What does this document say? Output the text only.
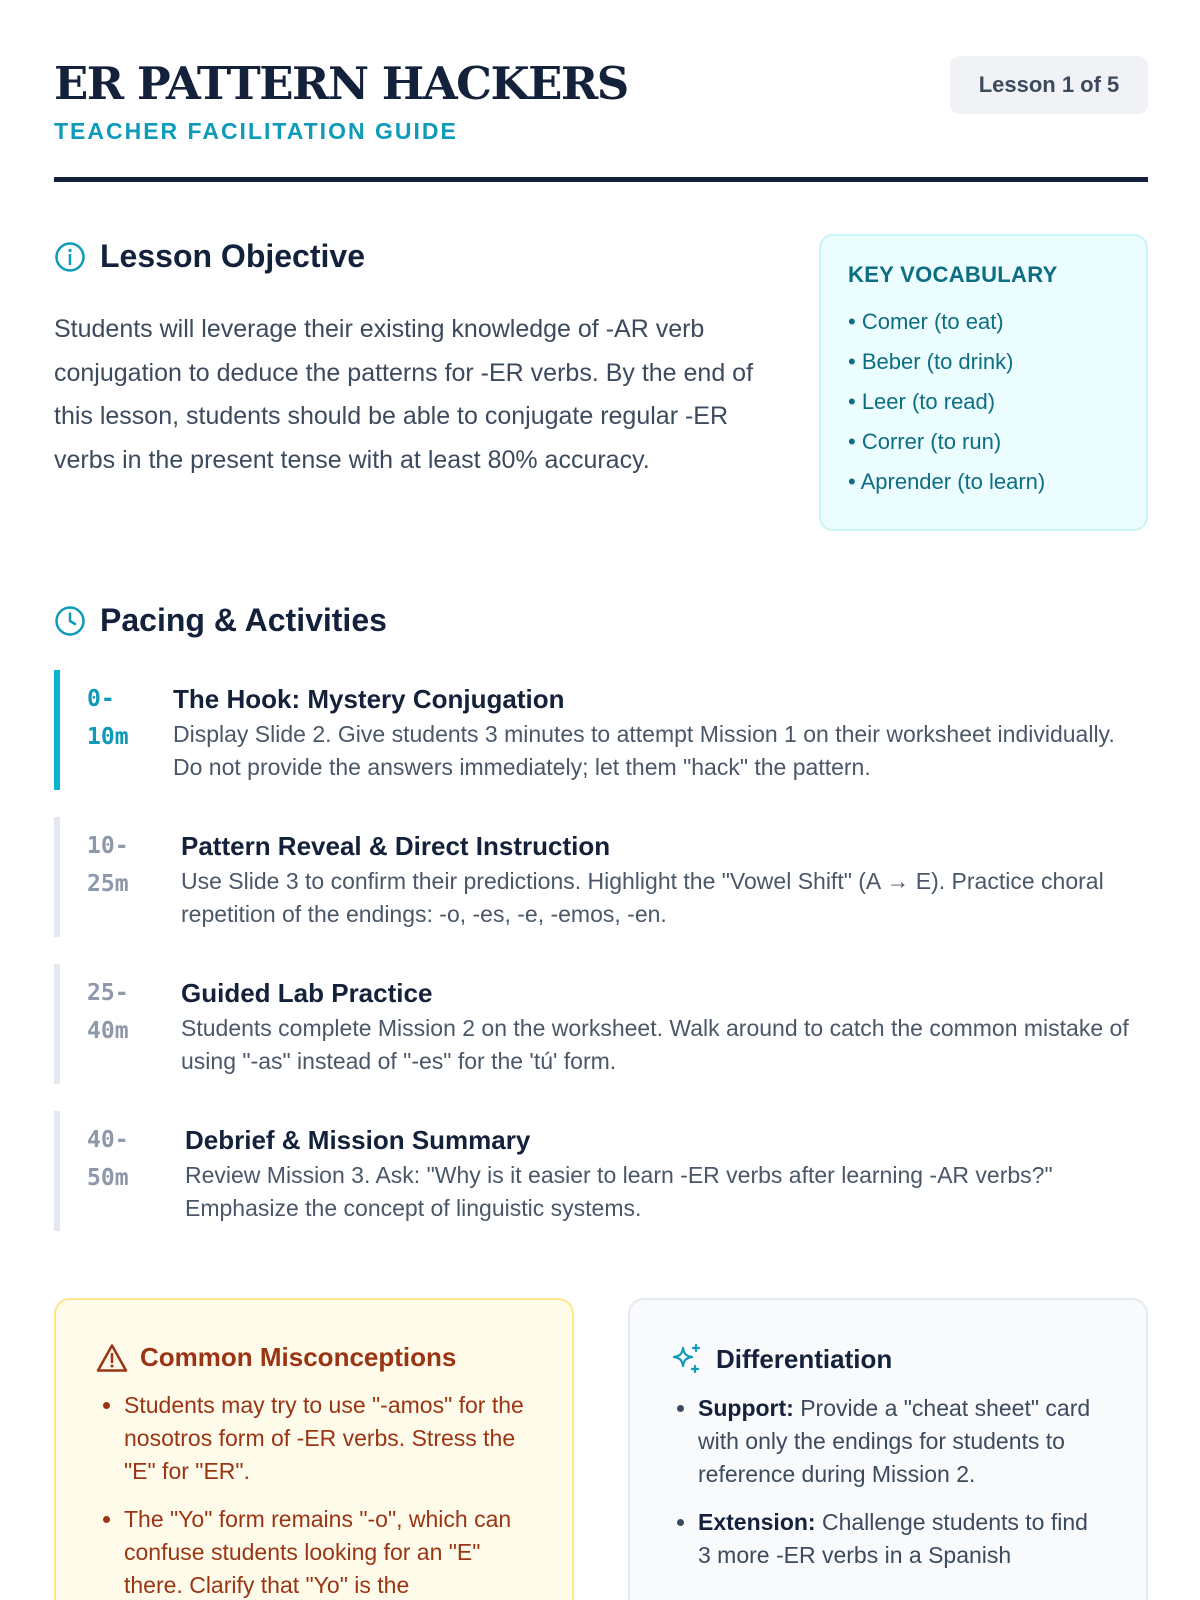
ER PATTERN HACKERS
TEACHER FACILITATION GUIDE
Lesson 1 of 5
Lesson Objective
Students will leverage their existing knowledge of -AR verb conjugation to deduce the patterns for -ER verbs. By the end of this lesson, students should be able to conjugate regular -ER verbs in the present tense with at least 80% accuracy.
KEY VOCABULARY
• Comer (to eat)
• Beber (to drink)
• Leer (to read)
• Correr (to run)
• Aprender (to learn)
Pacing & Activities
0-
10m
The Hook: Mystery Conjugation
Display Slide 2. Give students 3 minutes to attempt Mission 1 on their worksheet individually. Do not provide the answers immediately; let them "hack" the pattern.
10-
25m
Pattern Reveal & Direct Instruction
Use Slide 3 to confirm their predictions. Highlight the "Vowel Shift" (A → E). Practice choral repetition of the endings: -o, -es, -e, -emos, -en.
25-
40m
Guided Lab Practice
Students complete Mission 2 on the worksheet. Walk around to catch the common mistake of using "-as" instead of "-es" for the 'tú' form.
40-
50m
Debrief & Mission Summary
Review Mission 3. Ask: "Why is it easier to learn -ER verbs after learning -AR verbs?" Emphasize the concept of linguistic systems.
Common Misconceptions
• Students may try to use "-amos" for the nosotros form of -ER verbs. Stress the "E" for "ER".
• The "Yo" form remains "-o", which can confuse students looking for an "E" there. Clarify that "Yo" is the
Differentiation
• Support: Provide a "cheat sheet" card with only the endings for students to reference during Mission 2.
• Extension: Challenge students to find 3 more -ER verbs in a Spanish
